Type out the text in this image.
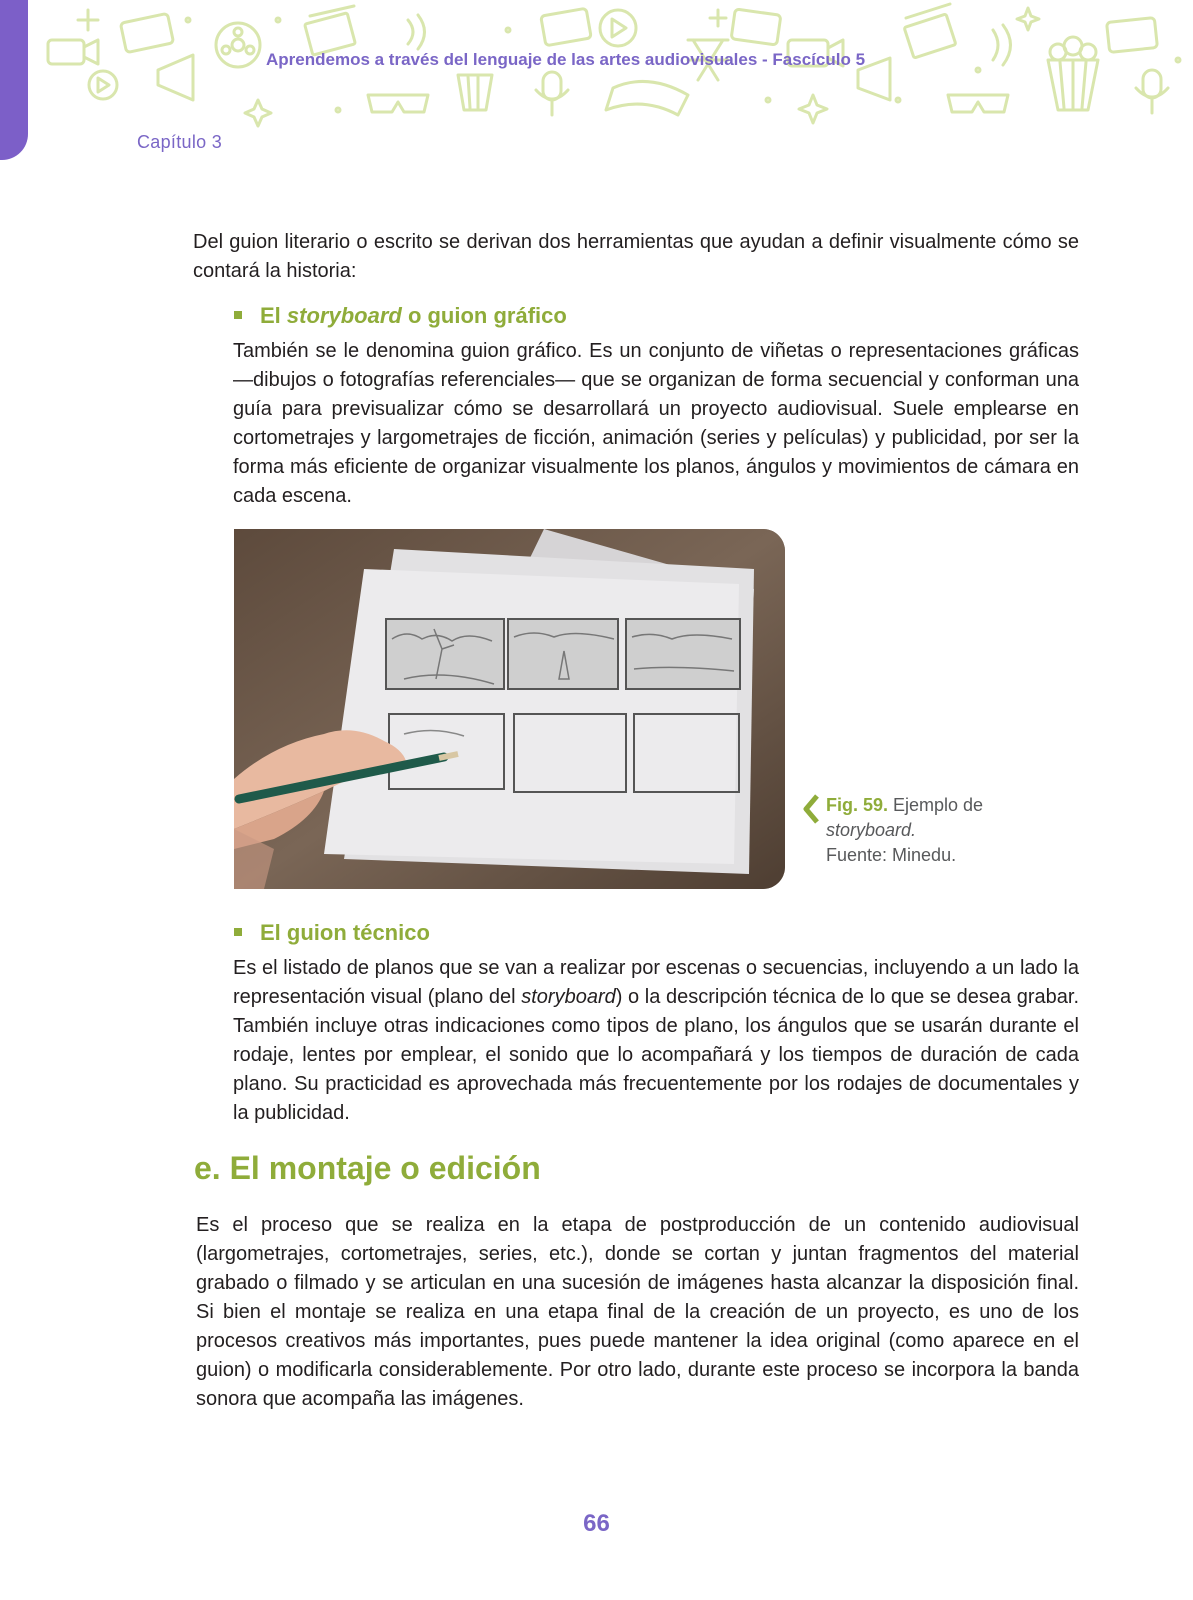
Aprendemos a través del lenguaje de las artes audiovisuales - Fascículo 5
Capítulo 3

Del guion literario o escrito se derivan dos herramientas que ayudan a definir visualmente cómo se contará la historia:

El storyboard o guion gráfico

También se le denomina guion gráfico. Es un conjunto de viñetas o representaciones gráficas —dibujos o fotografías referenciales— que se organizan de forma secuencial y conforman una guía para previsualizar cómo se desarrollará un proyecto audiovisual. Suele emplearse en cortometrajes y largometrajes de ficción, animación (series y películas) y publicidad, por ser la forma más eficiente de organizar visualmente los planos, ángulos y movimientos de cámara en cada escena.

Fig. 59. Ejemplo de storyboard.
Fuente: Minedu.
El guion técnico

Es el listado de planos que se van a realizar por escenas o secuencias, incluyendo a un lado la representación visual (plano del storyboard) o la descripción técnica de lo que se desea grabar. También incluye otras indicaciones como tipos de plano, los ángulos que se usarán durante el rodaje, lentes por emplear, el sonido que lo acompañará y los tiempos de duración de cada plano. Su practicidad es aprovechada más frecuentemente por los rodajes de documentales y la publicidad.

e. El montaje o edición

Es el proceso que se realiza en la etapa de postproducción de un contenido audiovisual (largometrajes, cortometrajes, series, etc.), donde se cortan y juntan fragmentos del material grabado o filmado y se articulan en una sucesión de imágenes hasta alcanzar la disposición final. Si bien el montaje se realiza en una etapa final de la creación de un proyecto, es uno de los procesos creativos más importantes, pues puede mantener la idea original (como aparece en el guion) o modificarla considerablemente. Por otro lado, durante este proceso se incorpora la banda sonora que acompaña las imágenes.

66
